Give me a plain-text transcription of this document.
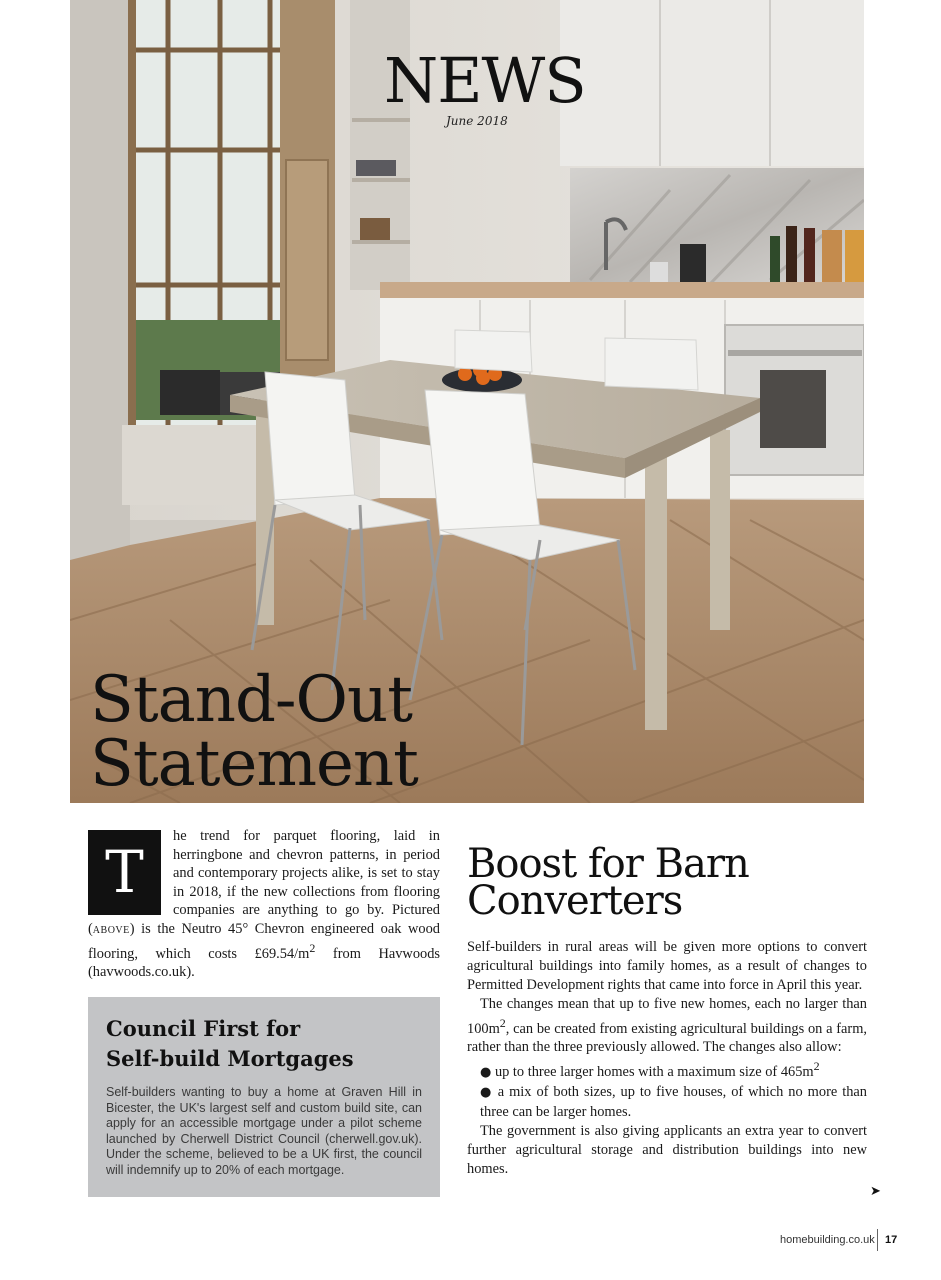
NEWS
June 2018
Stand-Out
Statement

T
he trend for parquet flooring, laid in herringbone and chevron patterns, in period and contemporary projects alike, is set to stay in 2018, if the new collections from flooring companies are anything to go by. Pictured (above) is the Neutro 45° Chevron engineered oak wood flooring, which costs $£69.54/m^2$ from Havwoods (havwoods.co.uk).

Council First for
Self-build Mortgages

Self-builders wanting to buy a home at Graven Hill in Bicester, the UK's largest self and custom build site, can apply for an accessible mortgage under a pilot scheme launched by Cherwell District Council (cherwell.gov.uk). Under the scheme, believed to be a UK first, the council will indemnify up to 20% of each mortgage.

Boost for Barn
Converters

Self-builders in rural areas will be given more options to convert agricultural buildings into family homes, as a result of changes to Permitted Development rights that came into force in April this year.

The changes mean that up to five new homes, each no larger than $100m^2$, can be created from existing agricultural buildings on a farm, rather than the three previously allowed. The changes also allow:

● up to three larger homes with a maximum size of $465m^2$

● a mix of both sizes, up to five houses, of which no more than three can be larger homes.

The government is also giving applicants an extra year to convert further agricultural storage and distribution buildings into new homes.

➤
homebuilding.co.uk 17
